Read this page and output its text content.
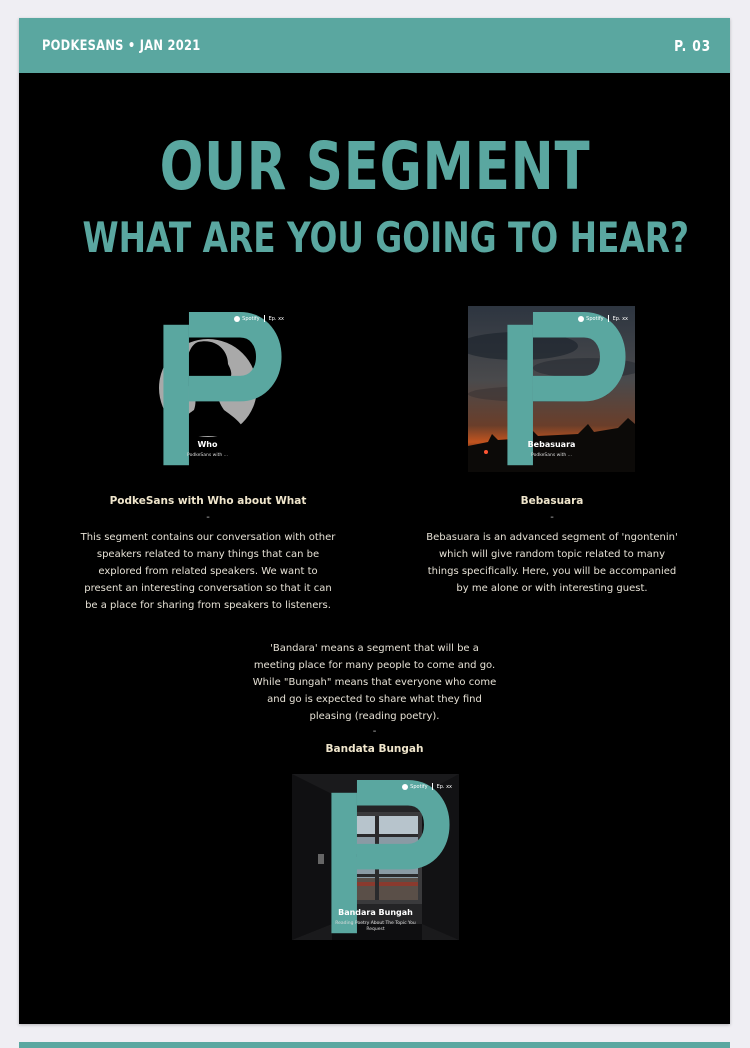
PODKESANS • JAN 2021	P. 03
OUR SEGMENT
WHAT ARE YOU GOING TO HEAR?
Spotify Ep. xx
Who
PodkeSans with ...
Spotify Ep. xx
Bebasuara
PodkeSans with ...
PodkeSans with Who about What
-
This segment contains our conversation with other speakers related to many things that can be explored from related speakers. We want to present an interesting conversation so that it can be a place for sharing from speakers to listeners.
Bebasuara
-
Bebasuara is an advanced segment of 'ngontenin' which will give random topic related to many things specifically. Here, you will be accompanied by me alone or with interesting guest.
'Bandara' means a segment that will be a meeting place for many people to come and go. While "Bungah" means that everyone who come and go is expected to share what they find pleasing (reading poetry).
-
Bandata Bungah
Spotify Ep. xx
Bandara Bungah
Reading Poetry About The Topic You Request
